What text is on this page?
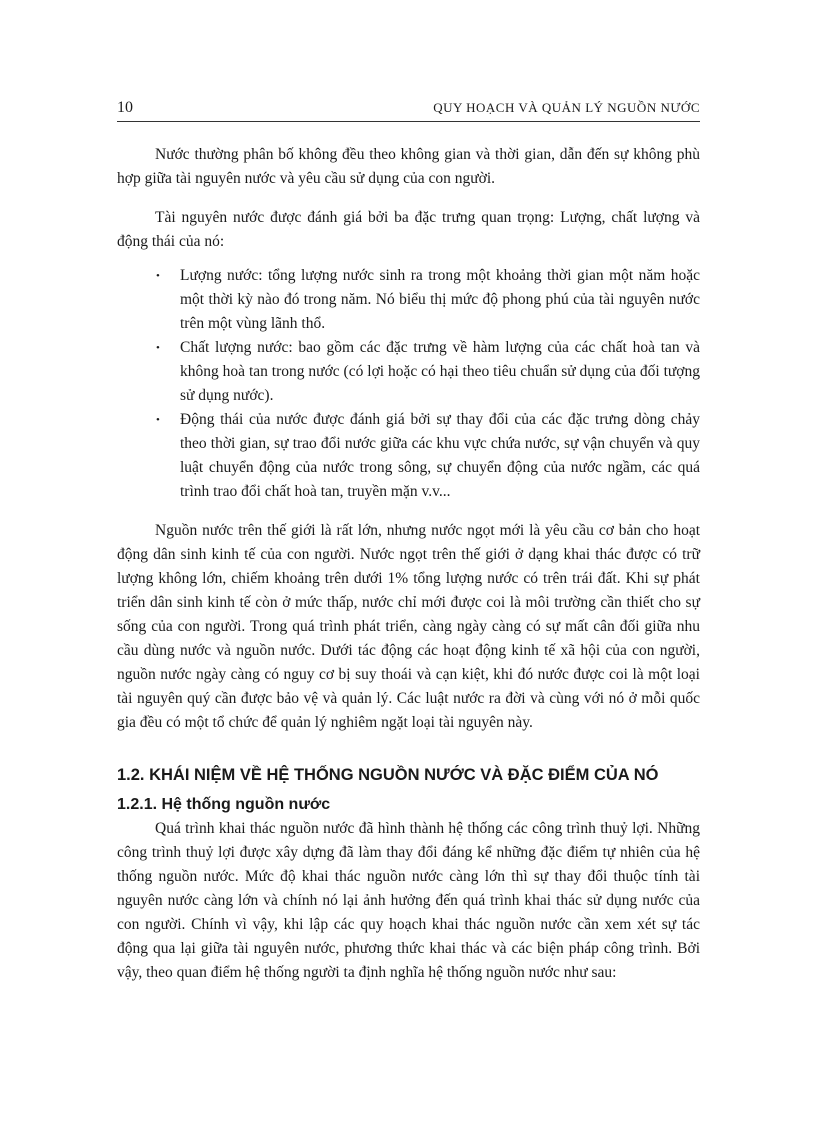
10	QUY HOẠCH VÀ QUẢN LÝ NGUỒN NƯỚC

Nước thường phân bố không đều theo không gian và thời gian, dẫn đến sự không phù hợp giữa tài nguyên nước và yêu cầu sử dụng của con người.

Tài nguyên nước được đánh giá bởi ba đặc trưng quan trọng: Lượng, chất lượng và động thái của nó:

• Lượng nước: tổng lượng nước sinh ra trong một khoảng thời gian một năm hoặc một thời kỳ nào đó trong năm. Nó biểu thị mức độ phong phú của tài nguyên nước trên một vùng lãnh thổ.
• Chất lượng nước: bao gồm các đặc trưng về hàm lượng của các chất hoà tan và không hoà tan trong nước (có lợi hoặc có hại theo tiêu chuẩn sử dụng của đối tượng sử dụng nước).
• Động thái của nước được đánh giá bởi sự thay đổi của các đặc trưng dòng chảy theo thời gian, sự trao đổi nước giữa các khu vực chứa nước, sự vận chuyển và quy luật chuyển động của nước trong sông, sự chuyển động của nước ngầm, các quá trình trao đổi chất hoà tan, truyền mặn v.v...

Nguồn nước trên thế giới là rất lớn, nhưng nước ngọt mới là yêu cầu cơ bản cho hoạt động dân sinh kinh tế của con người. Nước ngọt trên thế giới ở dạng khai thác được có trữ lượng không lớn, chiếm khoảng trên dưới 1% tổng lượng nước có trên trái đất. Khi sự phát triển dân sinh kinh tế còn ở mức thấp, nước chỉ mới được coi là môi trường cần thiết cho sự sống của con người. Trong quá trình phát triển, càng ngày càng có sự mất cân đối giữa nhu cầu dùng nước và nguồn nước. Dưới tác động các hoạt động kinh tế xã hội của con người, nguồn nước ngày càng có nguy cơ bị suy thoái và cạn kiệt, khi đó nước được coi là một loại tài nguyên quý cần được bảo vệ và quản lý. Các luật nước ra đời và cùng với nó ở mỗi quốc gia đều có một tổ chức để quản lý nghiêm ngặt loại tài nguyên này.

1.2. KHÁI NIỆM VỀ HỆ THỐNG NGUỒN NƯỚC VÀ ĐẶC ĐIỂM CỦA NÓ
1.2.1. Hệ thống nguồn nước

Quá trình khai thác nguồn nước đã hình thành hệ thống các công trình thuỷ lợi. Những công trình thuỷ lợi được xây dựng đã làm thay đổi đáng kể những đặc điểm tự nhiên của hệ thống nguồn nước. Mức độ khai thác nguồn nước càng lớn thì sự thay đổi thuộc tính tài nguyên nước càng lớn và chính nó lại ảnh hưởng đến quá trình khai thác sử dụng nước của con người. Chính vì vậy, khi lập các quy hoạch khai thác nguồn nước cần xem xét sự tác động qua lại giữa tài nguyên nước, phương thức khai thác và các biện pháp công trình. Bởi vậy, theo quan điểm hệ thống người ta định nghĩa hệ thống nguồn nước như sau:
